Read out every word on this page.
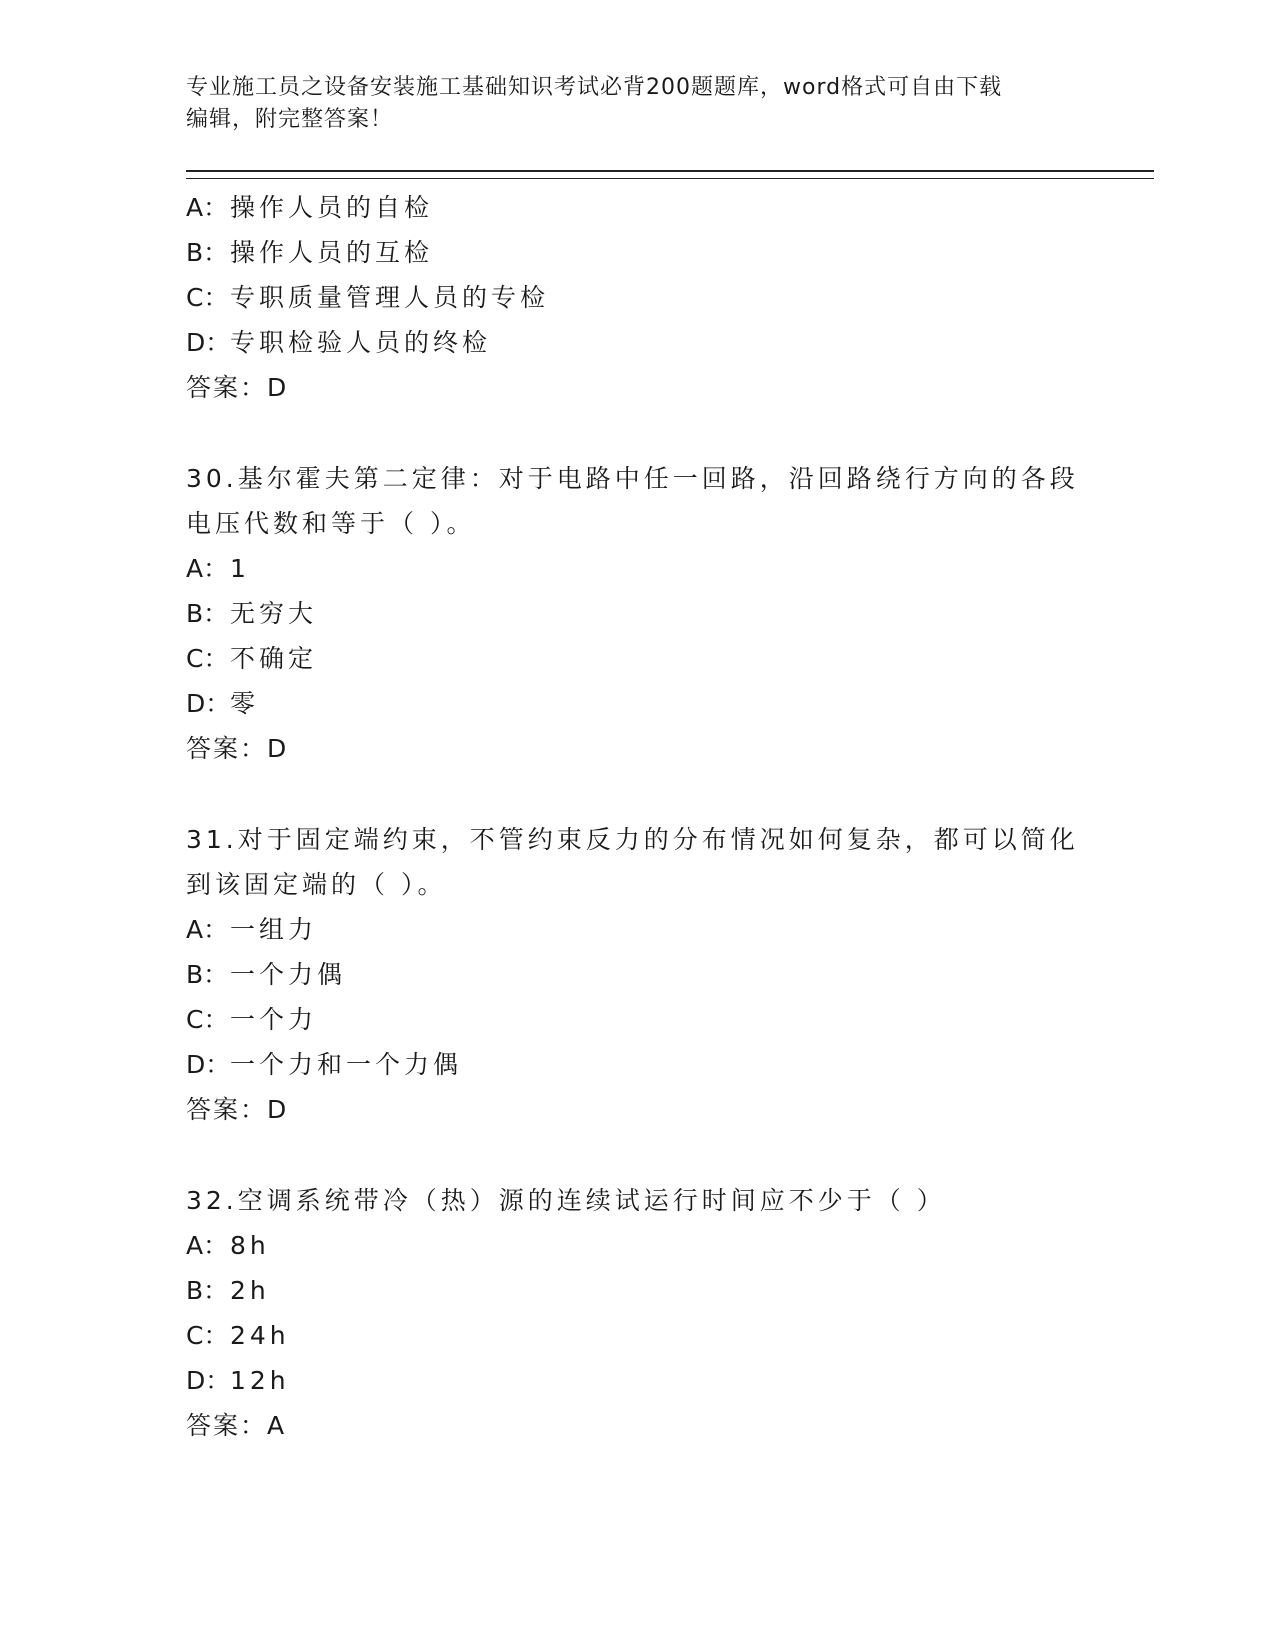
专业施工员之设备安装施工基础知识考试必背200题题库，word格式可自由下载

编辑，附完整答案！

A：操作人员的自检

B：操作人员的互检

C：专职质量管理人员的专检

D：专职检验人员的终检

答案：D

30.基尔霍夫第二定律：对于电路中任一回路，沿回路绕行方向的各段

电压代数和等于（ ）。

A：1

B：无穷大

C：不确定

D：零

答案：D

31.对于固定端约束，不管约束反力的分布情况如何复杂，都可以简化

到该固定端的（ ）。

A：一组力

B：一个力偶

C：一个力

D：一个力和一个力偶

答案：D

32.空调系统带冷（热）源的连续试运行时间应不少于（ ）

A：8h

B：2h

C：24h

D：12h

答案：A
